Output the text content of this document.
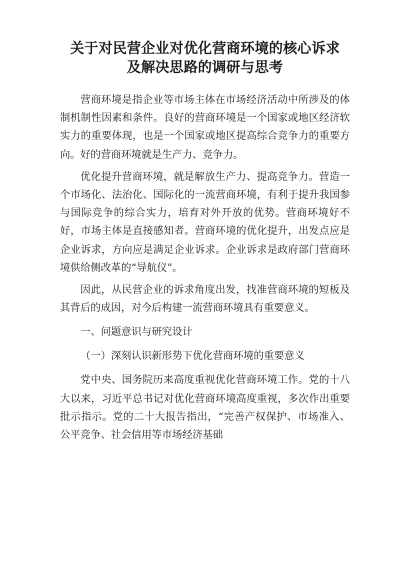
关于对民营企业对优化营商环境的核心诉求
及解决思路的调研与思考

营商环境是指企业等市场主体在市场经济活动中所涉及的体制机制性因素和条件。良好的营商环境是一个国家或地区经济软实力的重要体现，也是一个国家或地区提高综合竞争力的重要方向。好的营商环境就是生产力、竞争力。

优化提升营商环境，就是解放生产力、提高竞争力。营造一个市场化、法治化、国际化的一流营商环境，有利于提升我国参与国际竞争的综合实力，培育对外开放的优势。营商环境好不好，市场主体是直接感知者。营商环境的优化提升，出发点应是企业诉求，方向应是满足企业诉求。企业诉求是政府部门营商环境供给侧改革的“导航仪”。

因此，从民营企业的诉求角度出发，找准营商环境的短板及其背后的成因，对今后构建一流营商环境具有重要意义。

一、问题意识与研究设计

（一）深刻认识新形势下优化营商环境的重要意义

党中央、国务院历来高度重视优化营商环境工作。党的十八大以来，习近平总书记对优化营商环境高度重视，多次作出重要批示指示。党的二十大报告指出，“完善产权保护、市场准入、公平竞争、社会信用等市场经济基础
